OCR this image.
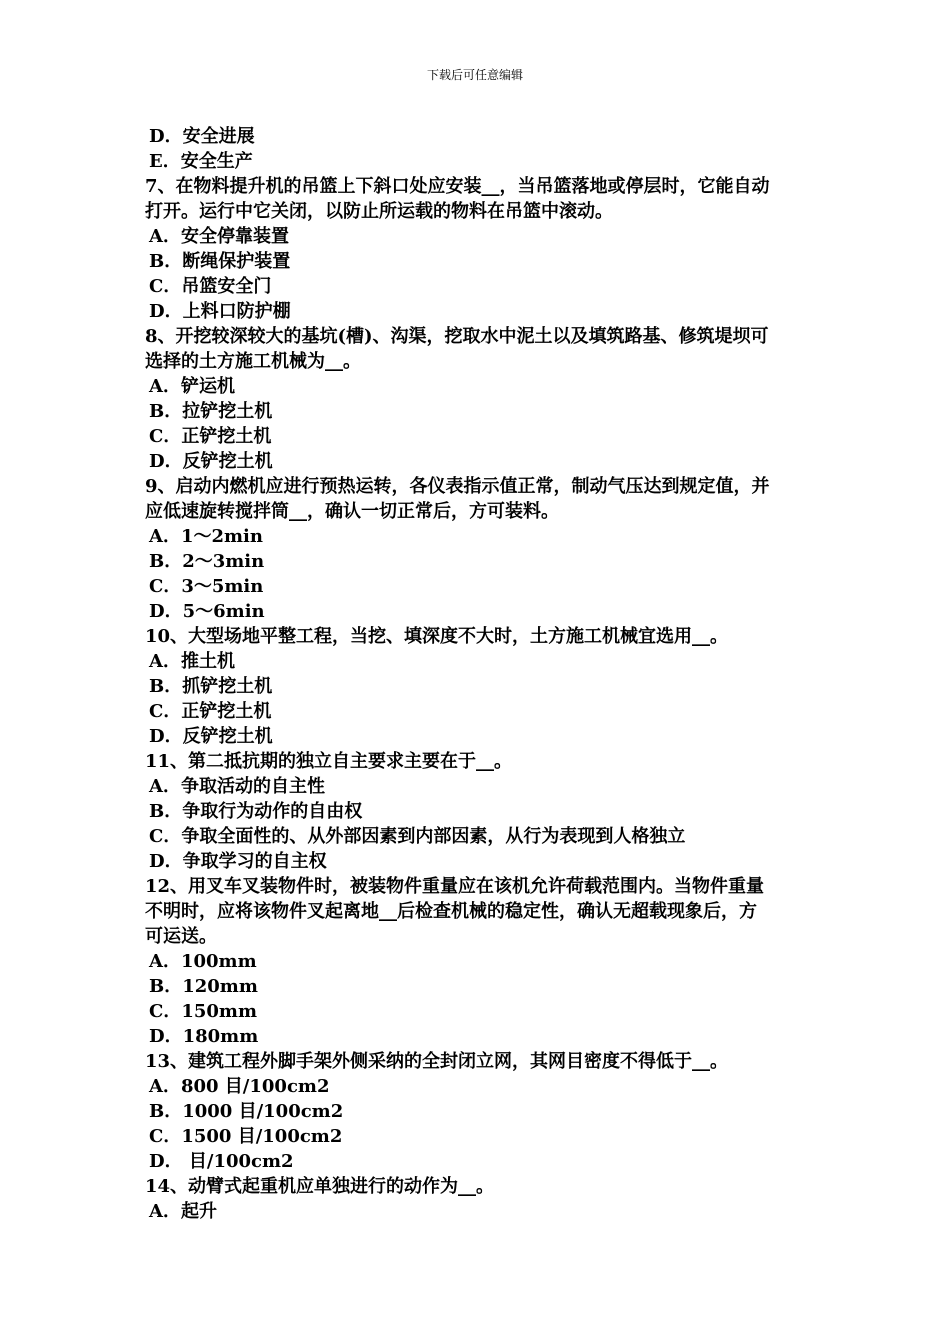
下载后可任意编辑
D．安全进展
E．安全生产
7、在物料提升机的吊篮上下斜口处应安装__，当吊篮落地或停层时，它能自动
打开。运行中它关闭，以防止所运载的物料在吊篮中滚动。
A．安全停靠装置
B．断绳保护装置
C．吊篮安全门
D．上料口防护棚
8、开挖较深较大的基坑(槽)、沟渠，挖取水中泥土以及填筑路基、修筑堤坝可
选择的土方施工机械为__。
A．铲运机
B．拉铲挖土机
C．正铲挖土机
D．反铲挖土机
9、启动内燃机应进行预热运转，各仪表指示值正常，制动气压达到规定值，并
应低速旋转搅拌筒__，确认一切正常后，方可装料。
A．1～2min
B．2～3min
C．3～5min
D．5～6min
10、大型场地平整工程，当挖、填深度不大时，土方施工机械宜选用__。
A．推土机
B．抓铲挖土机
C．正铲挖土机
D．反铲挖土机
11、第二抵抗期的独立自主要求主要在于__。
A．争取活动的自主性
B．争取行为动作的自由权
C．争取全面性的、从外部因素到内部因素，从行为表现到人格独立
D．争取学习的自主权
12、用叉车叉装物件时，被装物件重量应在该机允许荷载范围内。当物件重量
不明时，应将该物件叉起离地__后检查机械的稳定性，确认无超载现象后，方
可运送。
A．100mm
B．120mm
C．150mm
D．180mm
13、建筑工程外脚手架外侧采纳的全封闭立网，其网目密度不得低于__。
A．800 目/100cm2
B．1000 目/100cm2
C．1500 目/100cm2
D． 目/100cm2
14、动臂式起重机应单独进行的动作为__。
A．起升
